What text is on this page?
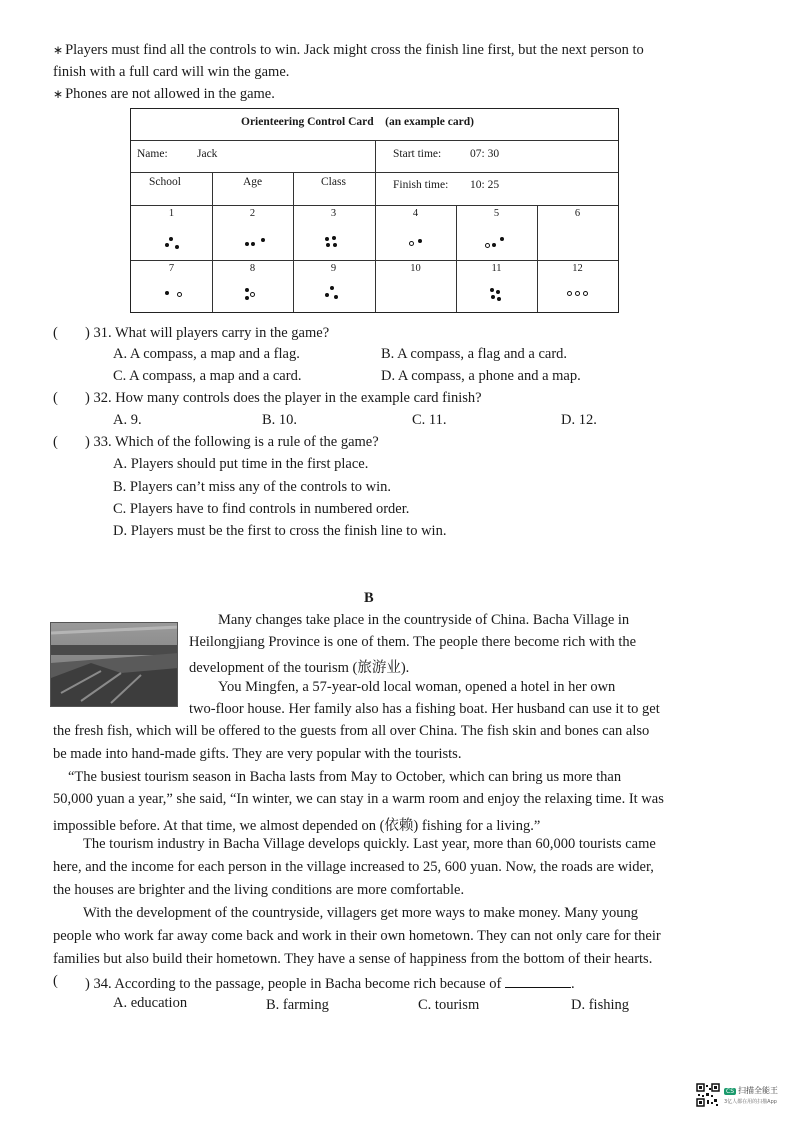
∗ Players must find all the controls to win. Jack might cross the finish line first, but the next person to
finish with a full card will win the game.
∗ Phones are not allowed in the game.
Orienteering Control Card (an example card)
Name:	Jack	Start time:	07: 30
School	Age	Class	Finish time: 10: 25
1	2	3	4	5	6
7	8	9	10	11	12
( ) 31. What will players carry in the game?
A. A compass, a map and a flag.	B. A compass, a flag and a card.
C. A compass, a map and a card.	D. A compass, a phone and a map.
( ) 32. How many controls does the player in the example card finish?
A. 9.	B. 10.	C. 11.	D. 12.
( ) 33. Which of the following is a rule of the game?
A. Players should put time in the first place.
B. Players can’t miss any of the controls to win.
C. Players have to find controls in numbered order.
D. Players must be the first to cross the finish line to win.
B
Many changes take place in the countryside of China. Bacha Village in
Heilongjiang Province is one of them. The people there become rich with the
development of the tourism (旅游业).
You Mingfen, a 57-year-old local woman, opened a hotel in her own
two-floor house. Her family also has a fishing boat. Her husband can use it to get
the fresh fish, which will be offered to the guests from all over China. The fish skin and bones can also
be made into hand-made gifts. They are very popular with the tourists.
“The busiest tourism season in Bacha lasts from May to October, which can bring us more than
50,000 yuan a year,” she said, “In winter, we can stay in a warm room and enjoy the relaxing time. It was
impossible before. At that time, we almost depended on (依赖) fishing for a living.”
The tourism industry in Bacha Village develops quickly. Last year, more than 60,000 tourists came
here, and the income for each person in the village increased to 25, 600 yuan. Now, the roads are wider,
the houses are brighter and the living conditions are more comfortable.
With the development of the countryside, villagers get more ways to make money. Many young
people who work far away come back and work in their own hometown. They can not only care for their
families but also build their hometown. They have a sense of happiness from the bottom of their hearts.
( ) 34. According to the passage, people in Bacha become rich because of	.
A. education	B. farming	C. tourism	D. fishing
CS 扫描全能王
3亿人都在用的扫描App
